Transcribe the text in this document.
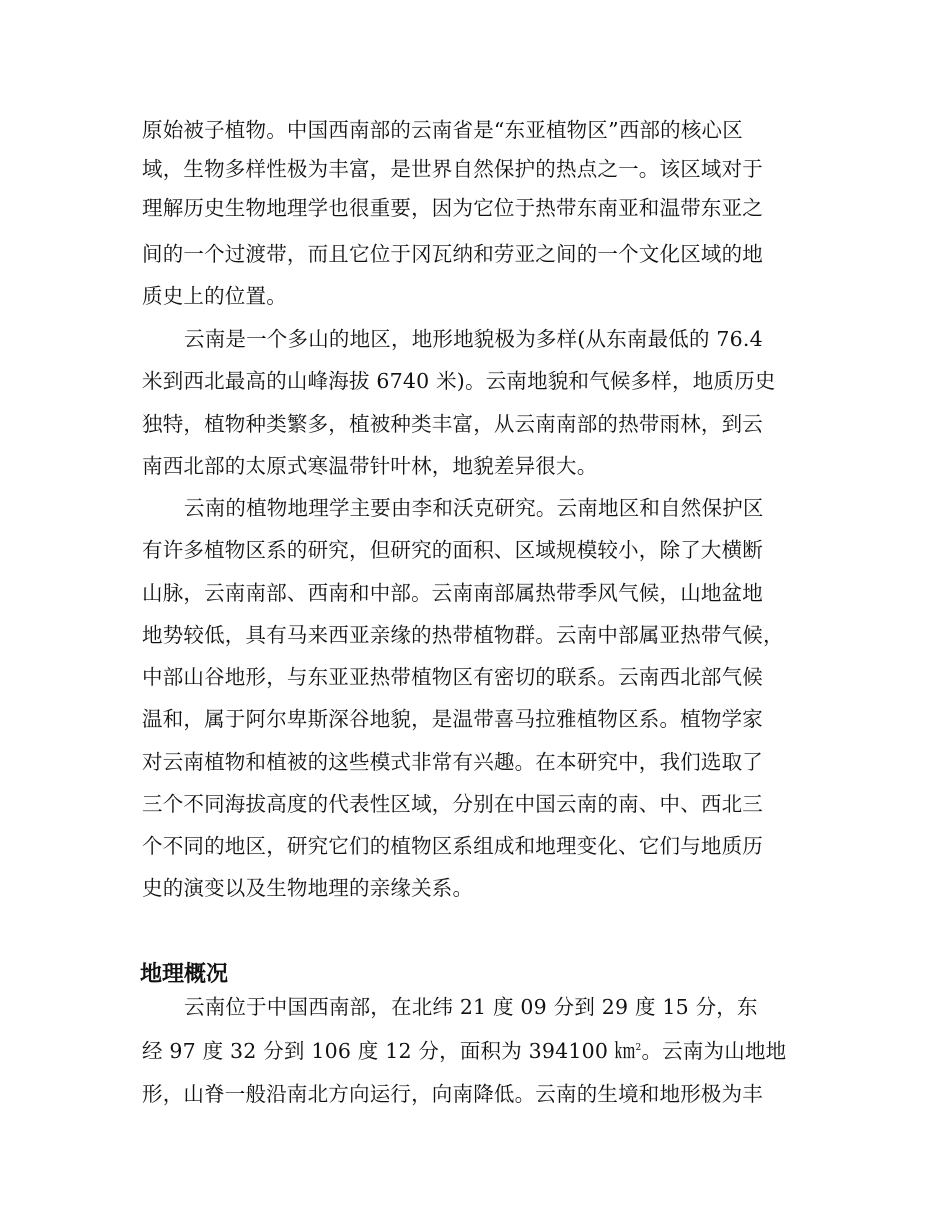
原始被子植物。中国西南部的云南省是“东亚植物区”西部的核心区
域，生物多样性极为丰富，是世界自然保护的热点之一。该区域对于
理解历史生物地理学也很重要，因为它位于热带东南亚和温带东亚之
间的一个过渡带，而且它位于冈瓦纳和劳亚之间的一个文化区域的地
质史上的位置。
云南是一个多山的地区，地形地貌极为多样(从东南最低的 76.4
米到西北最高的山峰海拔 6740 米)。云南地貌和气候多样，地质历史
独特，植物种类繁多，植被种类丰富，从云南南部的热带雨林，到云
南西北部的太原式寒温带针叶林，地貌差异很大。
云南的植物地理学主要由李和沃克研究。云南地区和自然保护区
有许多植物区系的研究，但研究的面积、区域规模较小，除了大横断
山脉，云南南部、西南和中部。云南南部属热带季风气候，山地盆地
地势较低，具有马来西亚亲缘的热带植物群。云南中部属亚热带气候，
中部山谷地形，与东亚亚热带植物区有密切的联系。云南西北部气候
温和，属于阿尔卑斯深谷地貌，是温带喜马拉雅植物区系。植物学家
对云南植物和植被的这些模式非常有兴趣。在本研究中，我们选取了
三个不同海拔高度的代表性区域，分别在中国云南的南、中、西北三
个不同的地区，研究它们的植物区系组成和地理变化、它们与地质历
史的演变以及生物地理的亲缘关系。
地理概况
云南位于中国西南部，在北纬 21 度 09 分到 29 度 15 分，东
经 97 度 32 分到 106 度 12 分，面积为 394100 ㎞$^2$。云南为山地地
形，山脊一般沿南北方向运行，向南降低。云南的生境和地形极为丰
